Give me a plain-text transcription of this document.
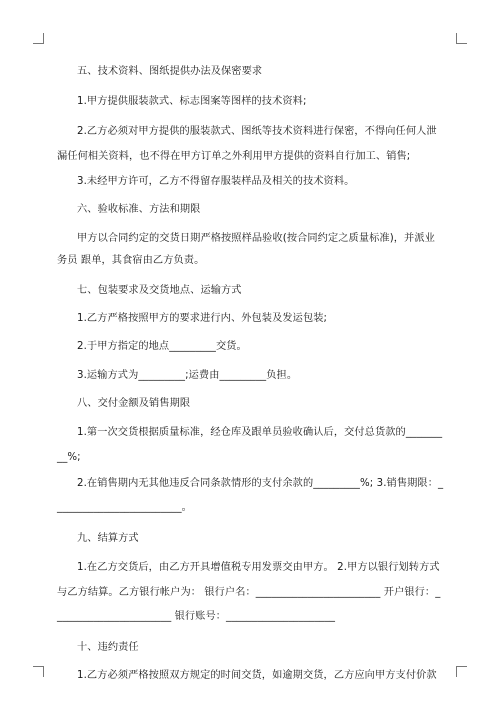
五、技术资料、图纸提供办法及保密要求
1.甲方提供服装款式、标志图案等图样的技术资料;
2.乙方必须对甲方提供的服装款式、图纸等技术资料进行保密，不得向任何人泄
漏任何相关资料，也不得在甲方订单之外利用甲方提供的资料自行加工、销售;
3.未经甲方许可，乙方不得留存服装样品及相关的技术资料。
六、验收标准、方法和期限
甲方以合同约定的交货日期严格按照样品验收(按合同约定之质量标准)，并派业
务员 跟单，其食宿由乙方负责。
七、包装要求及交货地点、运输方式
1.乙方严格按照甲方的要求进行内、外包装及发运包装;
2.于甲方指定的地点_________交货。
3.运输方式为_________;运费由_________负担。
八、交付金额及销售期限
1.第一次交货根据质量标准，经仓库及跟单员验收确认后，交付总货款的_______
__%;
2.在销售期内无其他违反合同条款情形的支付余款的_________%; 3.销售期限：_
________________________。
九、结算方式
1.在乙方交货后，由乙方开具增值税专用发票交由甲方。 2.甲方以银行划转方式
与乙方结算。乙方银行帐户为： 银行户名：________________________ 开户银行：_
______________________ 银行账号：_____________________
十、违约责任
1.乙方必须严格按照双方规定的时间交货，如逾期交货，乙方应向甲方支付价款
